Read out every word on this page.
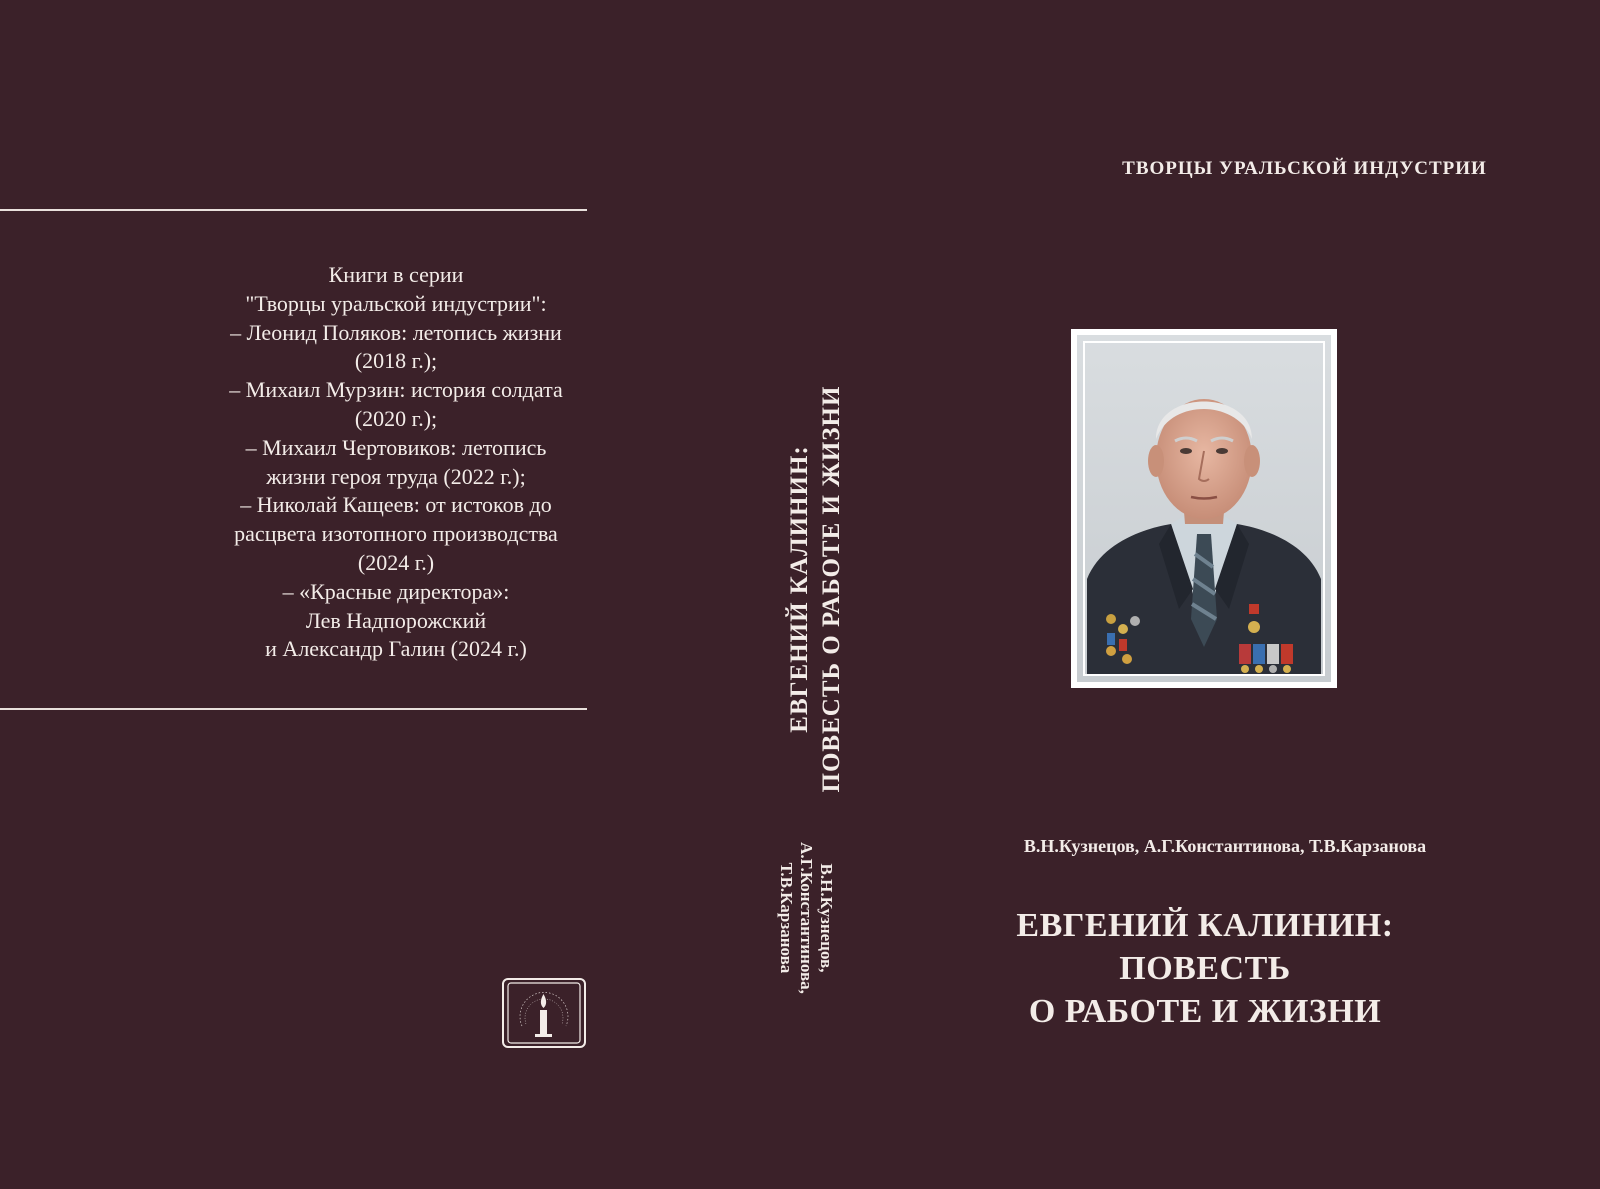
Книги в серии
"Творцы уральской индустрии":
– Леонид Поляков: летопись жизни
(2018 г.);
– Михаил Мурзин: история солдата
(2020 г.);
– Михаил Чертовиков: летопись
жизни героя труда (2022 г.);
– Николай Кащеев: от истоков до
расцвета изотопного производства
(2024 г.)
– «Красные директора»:
Лев Надпорожский
и Александр Галин (2024 г.)	ЕВГЕНИЙ КАЛИНИН: ПОВЕСТЬ О РАБОТЕ И ЖИЗНИ
В.Н.Кузнецов,
А.Г.Константинова,
Т.В.Карзанова
ТВОРЦЫ УРАЛЬСКОЙ ИНДУСТРИИ
В.Н.Кузнецов, А.Г.Константинова, Т.В.Карзанова
ЕВГЕНИЙ КАЛИНИН:
ПОВЕСТЬ
О РАБОТЕ И ЖИЗНИ
